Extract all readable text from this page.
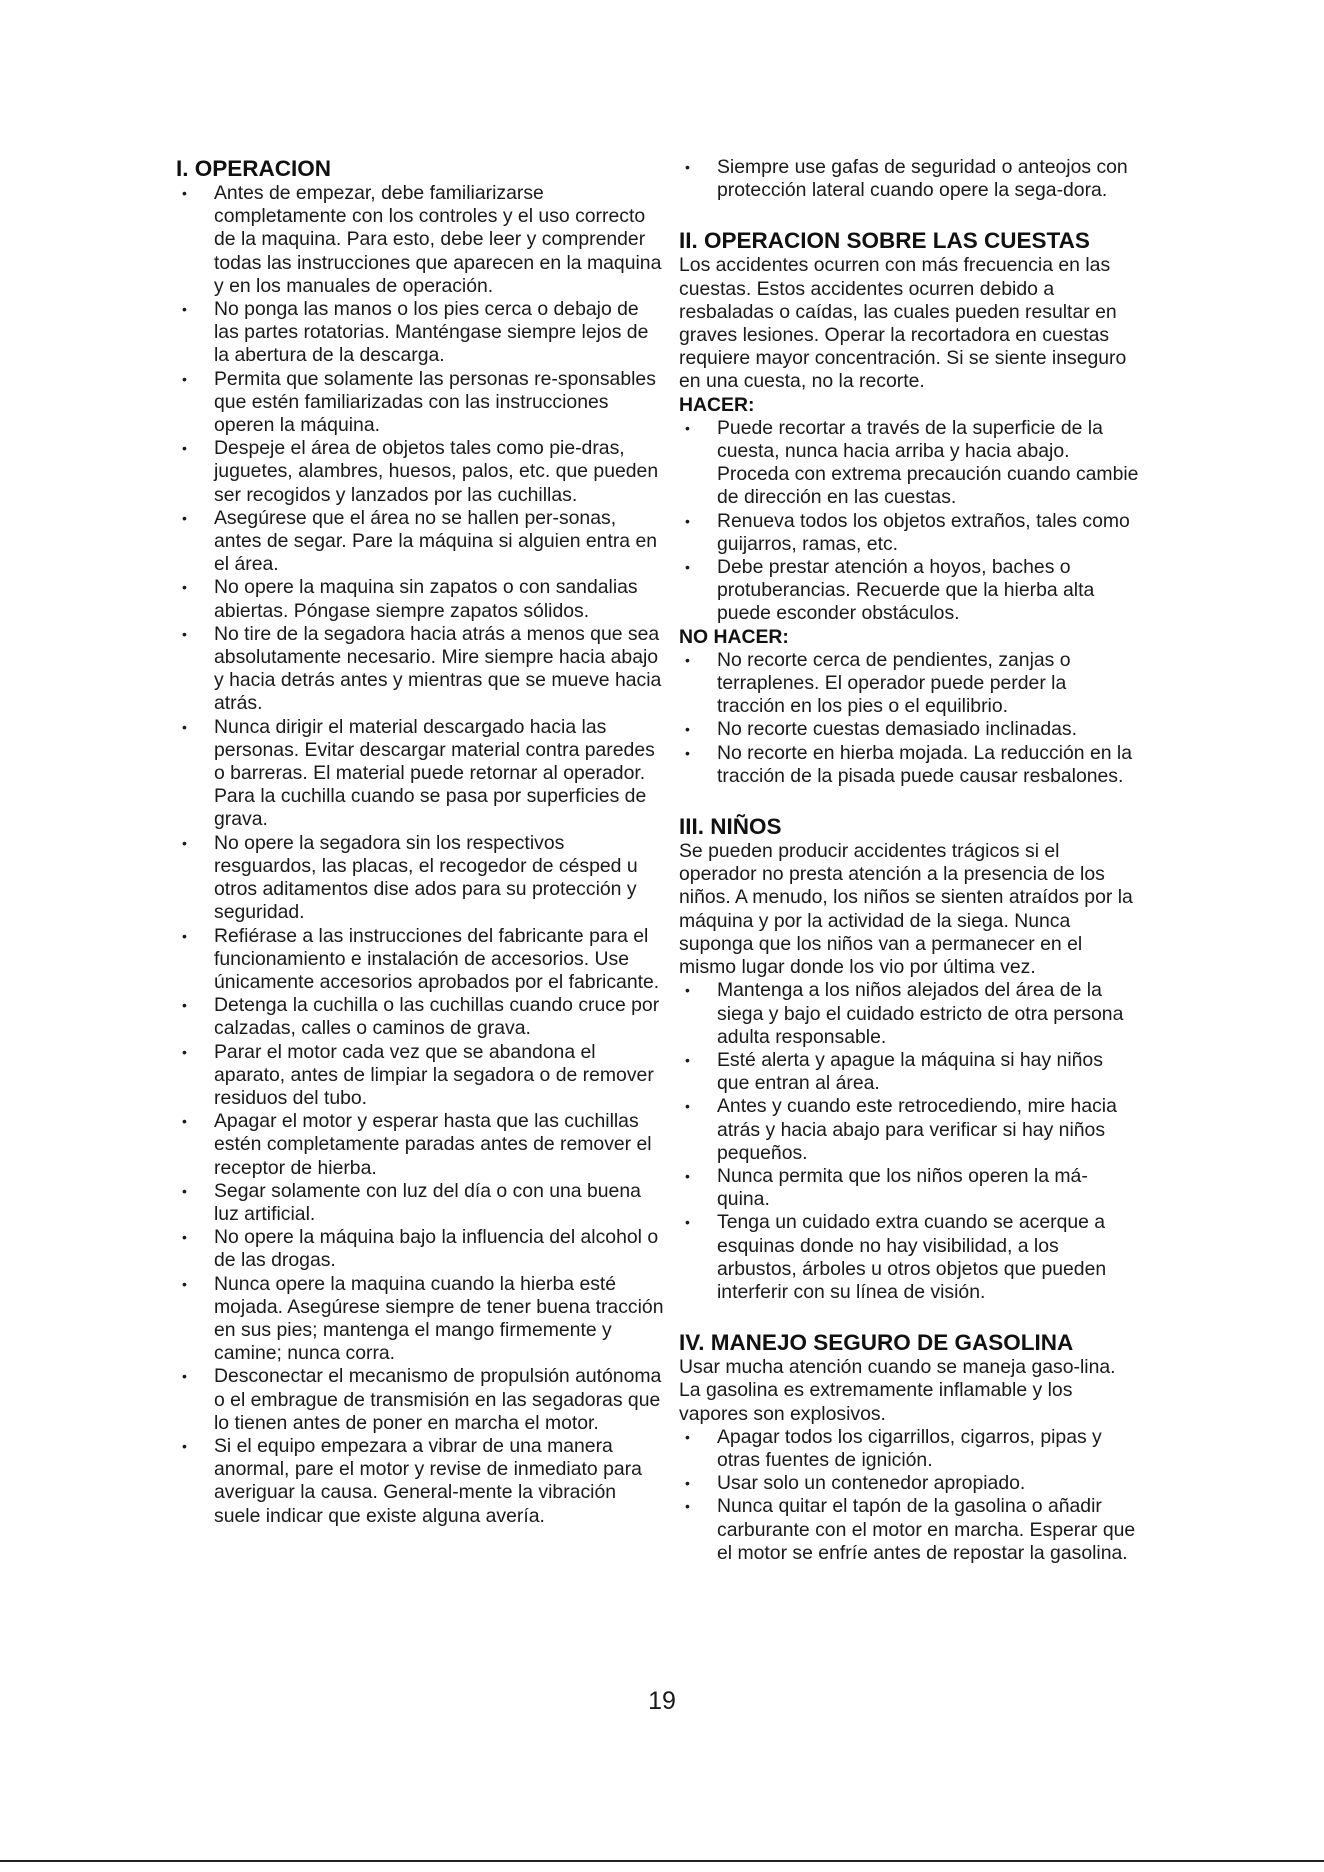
I. OPERACION
• Antes de empezar, debe familiarizarse completamente con los controles y el uso correcto de la maquina. Para esto, debe leer y comprender todas las instrucciones que aparecen en la maquina y en los manuales de operación.
• No ponga las manos o los pies cerca o debajo de las partes rotatorias. Manténgase siempre lejos de la abertura de la descarga.
• Permita que solamente las personas re-sponsables que estén familiarizadas con las instrucciones operen la máquina.
• Despeje el área de objetos tales como pie-dras, juguetes, alambres, huesos, palos, etc. que pueden ser recogidos y lanzados por las cuchillas.
• Asegúrese que el área no se hallen per-sonas, antes de segar. Pare la máquina si alguien entra en el área.
• No opere la maquina sin zapatos o con sandalias abiertas. Póngase siempre zapatos sólidos.
• No tire de la segadora hacia atrás a menos que sea absolutamente necesario. Mire siempre hacia abajo y hacia detrás antes y mientras que se mueve hacia atrás.
• Nunca dirigir el material descargado hacia las personas. Evitar descargar material contra paredes o barreras. El material puede retornar al operador. Para la cuchilla cuando se pasa por superficies de grava.
• No opere la segadora sin los respectivos resguardos, las placas, el recogedor de césped u otros aditamentos dise ados para su protección y seguridad.
• Refiérase a las instrucciones del fabricante para el funcionamiento e instalación de accesorios. Use únicamente accesorios aprobados por el fabricante.
• Detenga la cuchilla o las cuchillas cuando cruce por calzadas, calles o caminos de grava.
• Parar el motor cada vez que se abandona el aparato, antes de limpiar la segadora o de remover residuos del tubo.
• Apagar el motor y esperar hasta que las cuchillas estén completamente paradas antes de remover el receptor de hierba.
• Segar solamente con luz del día o con una buena luz artificial.
• No opere la máquina bajo la influencia del alcohol o de las drogas.
• Nunca opere la maquina cuando la hierba esté mojada. Asegúrese siempre de tener buena tracción en sus pies; mantenga el mango firmemente y camine; nunca corra.
• Desconectar el mecanismo de propulsión autónoma o el embrague de transmisión en las segadoras que lo tienen antes de poner en marcha el motor.
• Si el equipo empezara a vibrar de una manera anormal, pare el motor y revise de inmediato para averiguar la causa. General-mente la vibración suele indicar que existe alguna avería.
• Siempre use gafas de seguridad o anteojos con protección lateral cuando opere la sega-dora.
II. OPERACION SOBRE LAS CUESTAS

Los accidentes ocurren con más frecuencia en las cuestas. Estos accidentes ocurren debido a resbaladas o caídas, las cuales pueden resultar en graves lesiones. Operar la recortadora en cuestas requiere mayor concentración. Si se siente inseguro en una cuesta, no la recorte.

HACER:
• Puede recortar a través de la superficie de la cuesta, nunca hacia arriba y hacia abajo. Proceda con extrema precaución cuando cambie de dirección en las cuestas.
• Renueva todos los objetos extraños, tales como guijarros, ramas, etc.
• Debe prestar atención a hoyos, baches o protuberancias. Recuerde que la hierba alta puede esconder obstáculos.
NO HACER:
• No recorte cerca de pendientes, zanjas o terraplenes. El operador puede perder la tracción en los pies o el equilibrio.
• No recorte cuestas demasiado inclinadas.
• No recorte en hierba mojada. La reducción en la tracción de la pisada puede causar resbalones.
III. NIÑOS

Se pueden producir accidentes trágicos si el operador no presta atención a la presencia de los niños. A menudo, los niños se sienten atraídos por la máquina y por la actividad de la siega. Nunca suponga que los niños van a permanecer en el mismo lugar donde los vio por última vez.

• Mantenga a los niños alejados del área de la siega y bajo el cuidado estricto de otra persona adulta responsable.
• Esté alerta y apague la máquina si hay niños que entran al área.
• Antes y cuando este retrocediendo, mire hacia atrás y hacia abajo para verificar si hay niños pequeños.
• Nunca permita que los niños operen la má-quina.
• Tenga un cuidado extra cuando se acerque a esquinas donde no hay visibilidad, a los arbustos, árboles u otros objetos que pueden interferir con su línea de visión.
IV. MANEJO SEGURO DE GASOLINA

Usar mucha atención cuando se maneja gaso-lina. La gasolina es extremamente inflamable y los vapores son explosivos.

• Apagar todos los cigarrillos, cigarros, pipas y otras fuentes de ignición.
• Usar solo un contenedor apropiado.
• Nunca quitar el tapón de la gasolina o añadir carburante con el motor en marcha. Esperar que el motor se enfríe antes de repostar la gasolina.
19
